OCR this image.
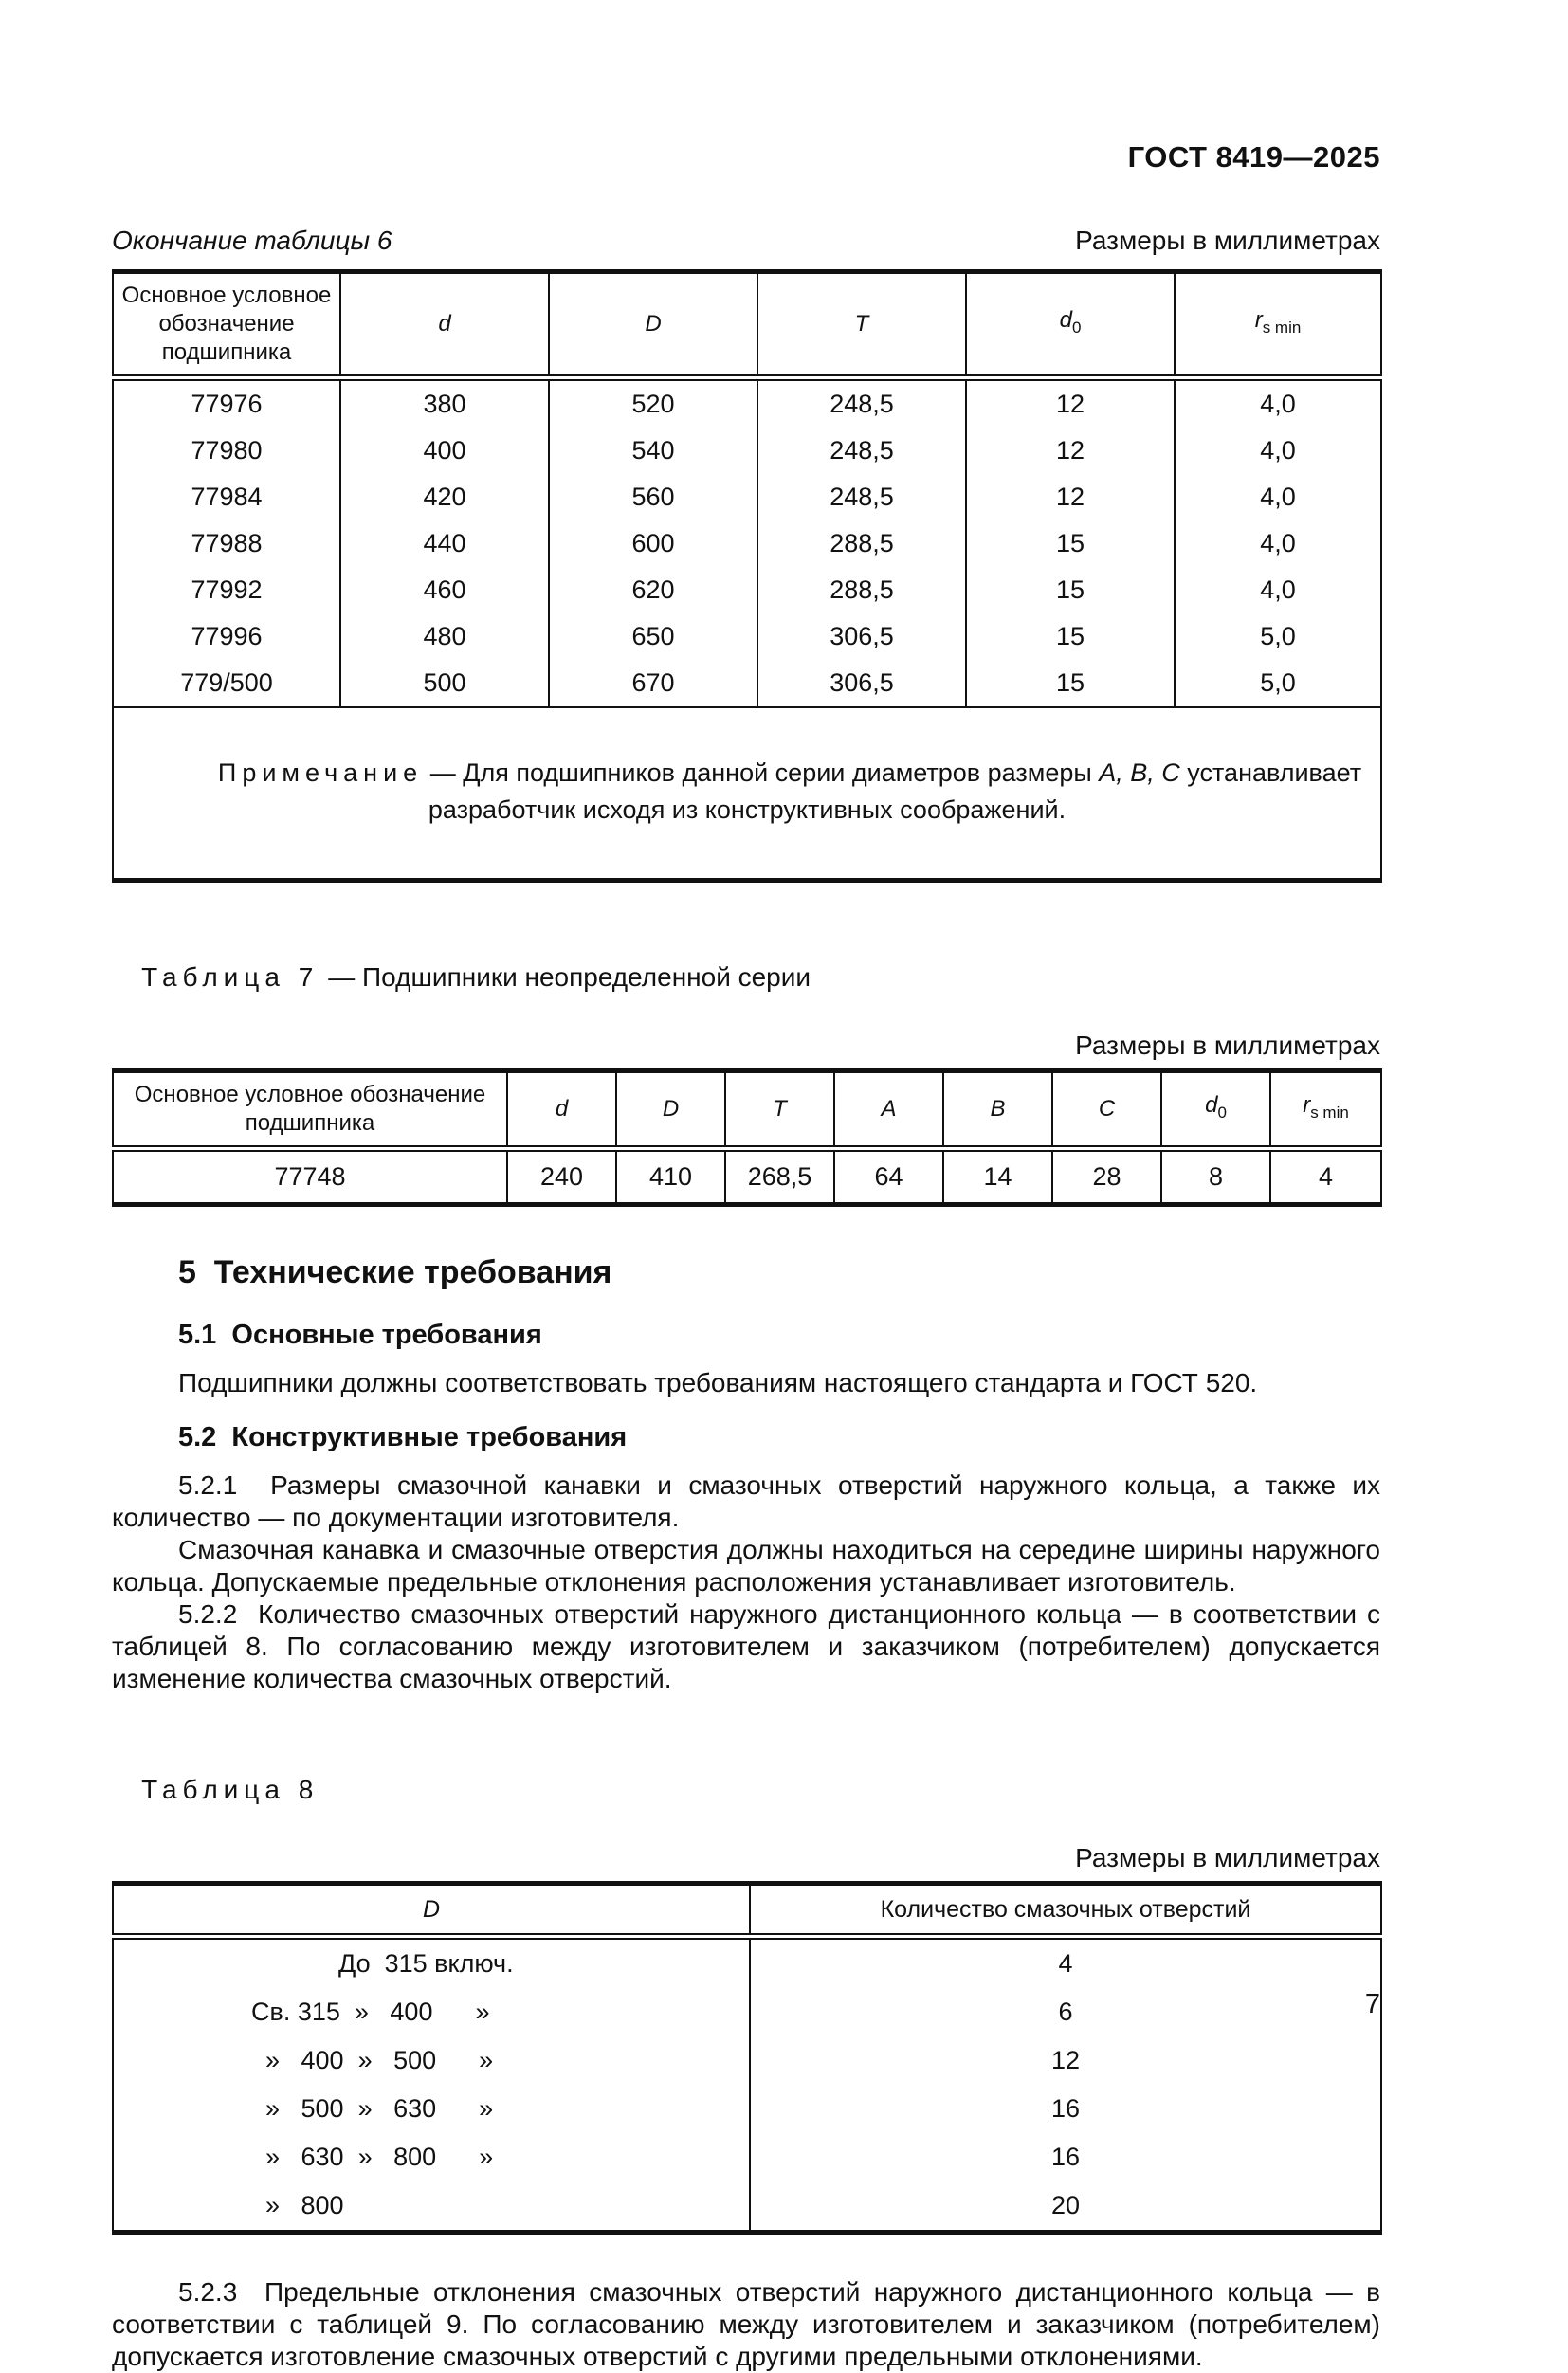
ГОСТ 8419—2025
Окончание таблицы 6	Размеры в миллиметрах
Основное условное обозначение подшипника	d	D	T	$d_0$	$r_{s min}$
77976	380	520	248,5	12	4,0
77980	400	540	248,5	12	4,0
77984	420	560	248,5	12	4,0
77988	440	600	288,5	15	4,0
77992	460	620	288,5	15	4,0
77996	480	650	306,5	15	5,0
779/500	500	670	306,5	15	5,0

Примечание — Для подшипников данной серии диаметров размеры А, В, С устанавливает разработчик исходя из конструктивных соображений.					

Таблица 7 — Подшипники неопределенной серии

Размеры в миллиметрах
Основное условное обозначение подшипника	d	D	T	A	B	C	$d_0$	$r_{s min}$
77748	240	410	268,5	64	14	28	8	4
5  Технические требования
5.1  Основные требования

Подшипники должны соответствовать требованиям настоящего стандарта и ГОСТ 520.

5.2  Конструктивные требования

5.2.1  Размеры смазочной канавки и смазочных отверстий наружного кольца, а также их количество — по документации изготовителя.

Смазочная канавка и смазочные отверстия должны находиться на середине ширины наружного кольца. Допускаемые предельные отклонения расположения устанавливает изготовитель.

5.2.2  Количество смазочных отверстий наружного дистанционного кольца — в соответствии с таблицей 8. По согласованию между изготовителем и заказчиком (потребителем) допускается изменение количества смазочных отверстий.

Таблица 8

Размеры в миллиметрах
D	Количество смазочных отверстий

До  315 включ.	4

Св. 315  »   400      »	6

»   400  »   500      »	12

»   500  »   630      »	16

»   630  »   800      »	16

»   800	20

5.2.3  Предельные отклонения смазочных отверстий наружного дистанционного кольца — в соответствии с таблицей 9. По согласованию между изготовителем и заказчиком (потребителем) допускается изготовление смазочных отверстий с другими предельными отклонениями.

7
